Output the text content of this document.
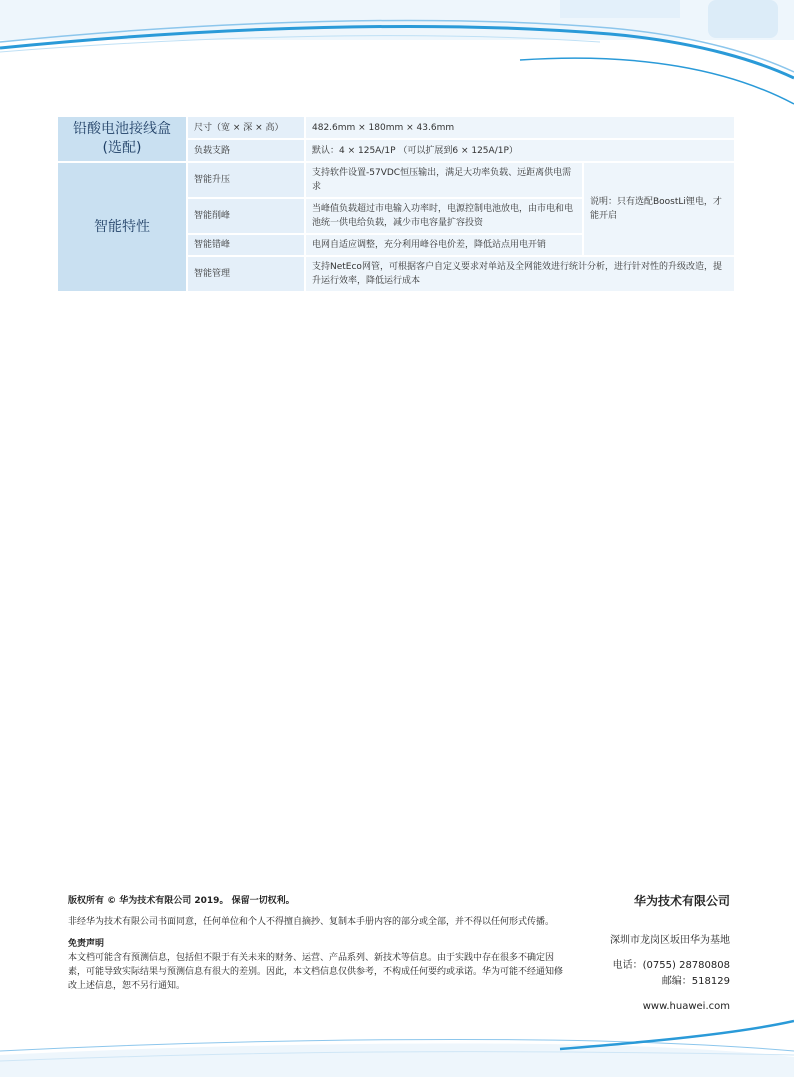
铅酸电池接线盒
(选配)	尺寸（宽 × 深 × 高）	482.6mm × 180mm × 43.6mm	
	负载支路	默认：4 × 125A/1P （可以扩展到6 × 125A/1P）	
智能特性	智能升压	支持软件设置-57VDC恒压输出，满足大功率负载、远距离供电需求	说明：只有选配BoostLi锂电，才能开启
	智能削峰	当峰值负载超过市电输入功率时，电源控制电池放电，由市电和电池统一供电给负载，减少市电容量扩容投资	
	智能错峰	电网自适应调整，充分利用峰谷电价差，降低站点用电开销	
	智能管理	支持NetEco网管，可根据客户自定义要求对单站及全网能效进行统计分析，进行针对性的升级改造，提升运行效率，降低运行成本	
版权所有 © 华为技术有限公司 2019。 保留一切权利。
非经华为技术有限公司书面同意，任何单位和个人不得擅自摘抄、复制本手册内容的部分或全部，并不得以任何形式传播。
免责声明
本文档可能含有预测信息，包括但不限于有关未来的财务、运营、产品系列、新技术等信息。由于实践中存在很多不确定因素，可能导致实际结果与预测信息有很大的差别。因此，本文档信息仅供参考，不构成任何要约或承诺。华为可能不经通知修改上述信息，恕不另行通知。
华为技术有限公司
深圳市龙岗区坂田华为基地
电话：(0755) 28780808
邮编：518129
www.huawei.com
